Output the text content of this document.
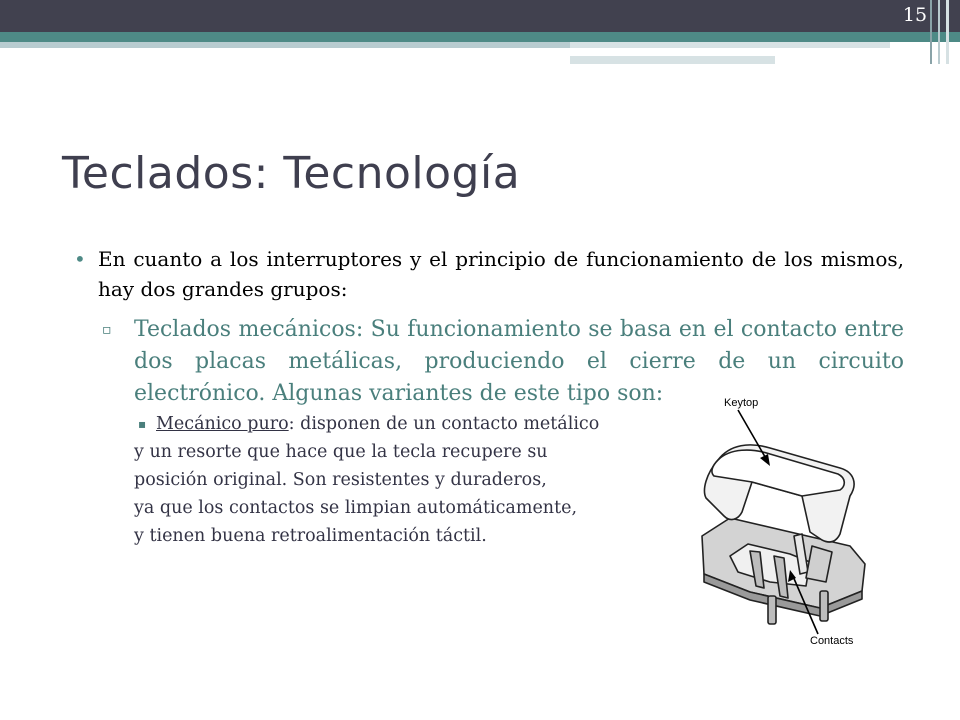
15
Teclados: Tecnología
• En cuanto a los interruptores y el principio de funcionamiento de los mismos, hay dos grandes grupos:
▫ Teclados mecánicos: Su funcionamiento se basa en el contacto entre dos placas metálicas, produciendo el cierre de un circuito electrónico. Algunas variantes de este tipo son:
▪ Mecánico puro: disponen de un contacto metálico
y un resorte que hace que la tecla recupere su
posición original. Son resistentes y duraderos,
ya que los contactos se limpian automáticamente,
y tienen buena retroalimentación táctil.
Keytop
Contacts
